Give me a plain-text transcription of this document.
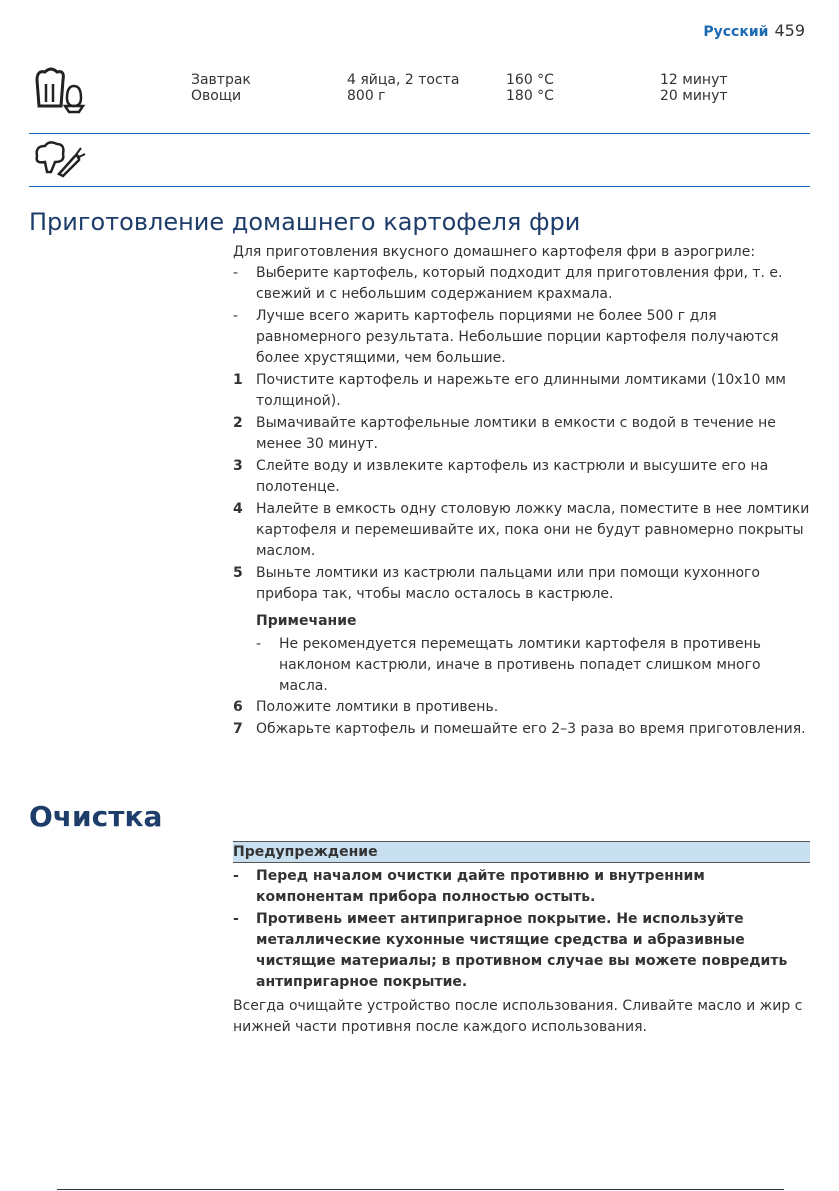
Русский 459
Завтрак	4 яйца, 2 тоста	160 °C	12 минут
Овощи	800 г	180 °C	20 минут
Приготовление домашнего картофеля фри

Для приготовления вкусного домашнего картофеля фри в аэрогриле:

- Выберите картофель, который подходит для приготовления фри, т. е. свежий и с небольшим содержанием крахмала.
- Лучше всего жарить картофель порциями не более 500 г для равномерного результата. Небольшие порции картофеля получаются более хрустящими, чем большие.
1 Почистите картофель и нарежьте его длинными ломтиками (10x10 мм толщиной).
2 Вымачивайте картофельные ломтики в емкости с водой в течение не менее 30 минут.
3 Слейте воду и извлеките картофель из кастрюли и высушите его на полотенце.
4 Налейте в емкость одну столовую ложку масла, поместите в нее ломтики картофеля и перемешивайте их, пока они не будут равномерно покрыты маслом.
5 Выньте ломтики из кастрюли пальцами или при помощи кухонного прибора так, чтобы масло осталось в кастрюле.
Примечание
- Не рекомендуется перемещать ломтики картофеля в противень наклоном кастрюли, иначе в противень попадет слишком много масла.
6 Положите ломтики в противень.
7 Обжарьте картофель и помешайте его 2–3 раза во время приготовления.
Очистка
Предупреждение
- Перед началом очистки дайте противню и внутренним компонентам прибора полностью остыть.
- Противень имеет антипригарное покрытие. Не используйте металлические кухонные чистящие средства и абразивные чистящие материалы; в противном случае вы можете повредить антипригарное покрытие.

Всегда очищайте устройство после использования. Сливайте масло и жир с нижней части противня после каждого использования.
